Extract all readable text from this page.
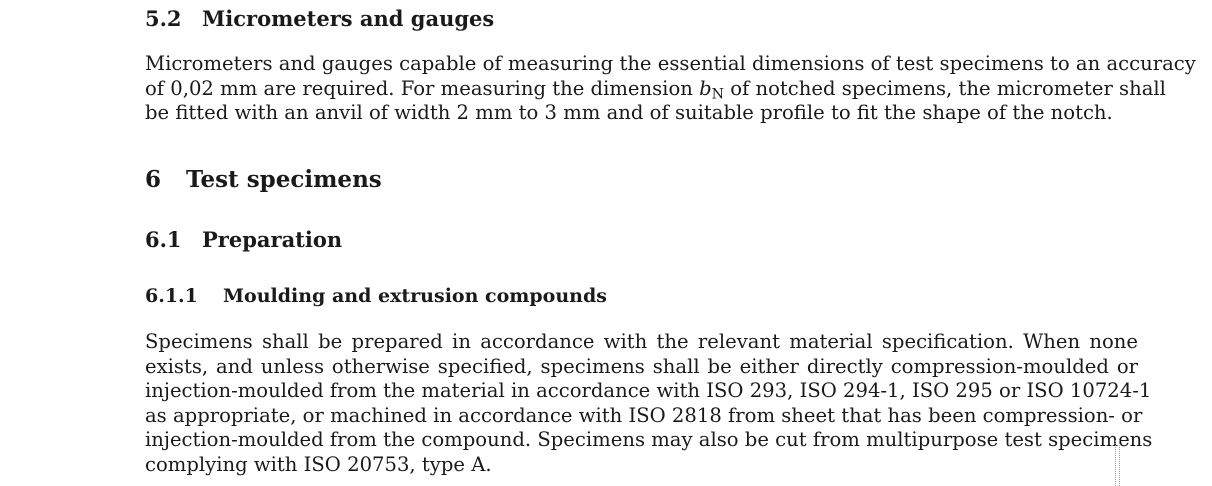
5.2 Micrometers and gauges
Micrometers and gauges capable of measuring the essential dimensions of test specimens to an accuracy
of 0,02 mm are required. For measuring the dimension $b_N$ of notched specimens, the micrometer shall
be fitted with an anvil of width 2 mm to 3 mm and of suitable profile to fit the shape of the notch.
6 Test specimens
6.1 Preparation
6.1.1 Moulding and extrusion compounds
Specimens shall be prepared in accordance with the relevant material specification. When none
exists, and unless otherwise specified, specimens shall be either directly compression-moulded or
injection-moulded from the material in accordance with ISO 293, ISO 294-1, ISO 295 or ISO 10724-1
as appropriate, or machined in accordance with ISO 2818 from sheet that has been compression- or
injection-moulded from the compound. Specimens may also be cut from multipurpose test specimens
complying with ISO 20753, type A.
